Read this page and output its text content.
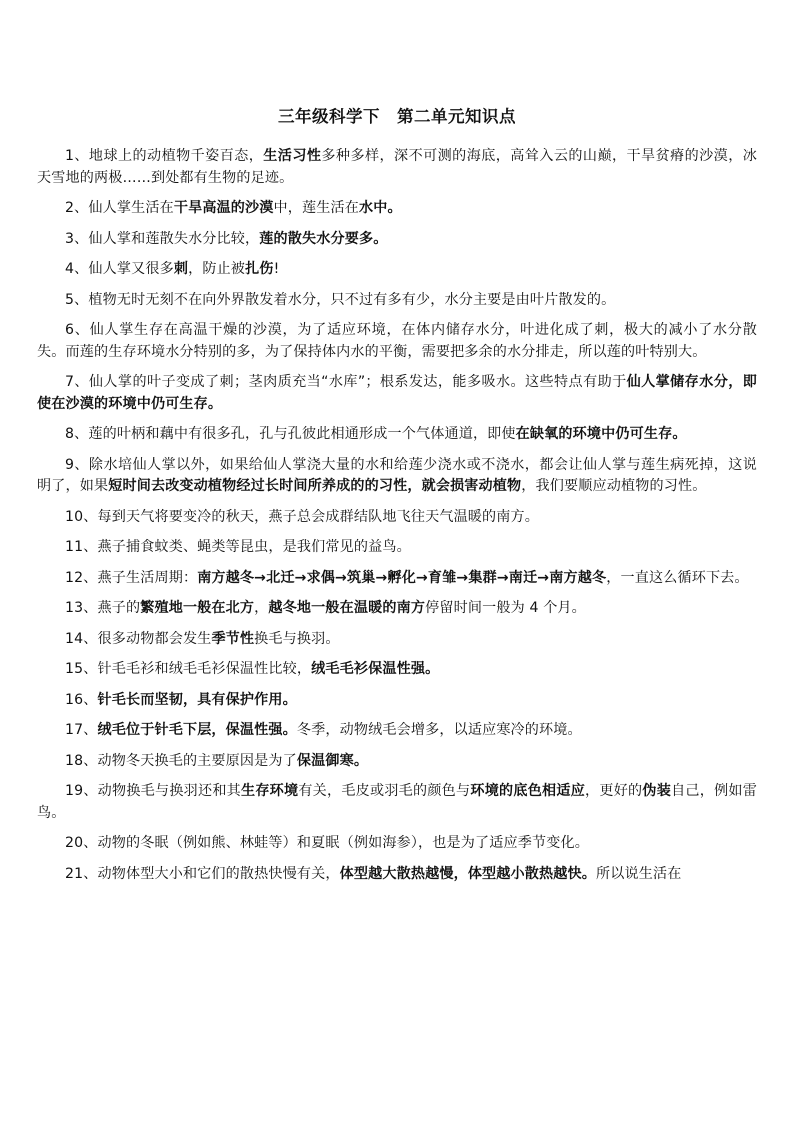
三年级科学下　第二单元知识点

1、地球上的动植物千姿百态，生活习性多种多样，深不可测的海底，高耸入云的山巅，干旱贫瘠的沙漠，冰天雪地的两极……到处都有生物的足迹。

2、仙人掌生活在干旱高温的沙漠中，莲生活在水中。

3、仙人掌和莲散失水分比较，莲的散失水分要多。

4、仙人掌又很多刺，防止被扎伤!

5、植物无时无刻不在向外界散发着水分，只不过有多有少，水分主要是由叶片散发的。

6、仙人掌生存在高温干燥的沙漠，为了适应环境，在体内储存水分，叶进化成了刺，极大的减小了水分散失。而莲的生存环境水分特别的多，为了保持体内水的平衡，需要把多余的水分排走，所以莲的叶特别大。

7、仙人掌的叶子变成了刺；茎肉质充当“水库”；根系发达，能多吸水。这些特点有助于仙人掌储存水分，即使在沙漠的环境中仍可生存。

8、莲的叶柄和藕中有很多孔，孔与孔彼此相通形成一个气体通道，即使在缺氧的环境中仍可生存。

9、除水培仙人掌以外，如果给仙人掌浇大量的水和给莲少浇水或不浇水，都会让仙人掌与莲生病死掉，这说明了，如果短时间去改变动植物经过长时间所养成的的习性，就会损害动植物，我们要顺应动植物的习性。

10、每到天气将要变冷的秋天，燕子总会成群结队地飞往天气温暖的南方。

11、燕子捕食蚊类、蝇类等昆虫，是我们常见的益鸟。

12、燕子生活周期：南方越冬→北迁→求偶→筑巢→孵化→育雏→集群→南迁→南方越冬，一直这么循环下去。

13、燕子的繁殖地一般在北方，越冬地一般在温暖的南方停留时间一般为 4 个月。

14、很多动物都会发生季节性换毛与换羽。

15、针毛毛衫和绒毛毛衫保温性比较，绒毛毛衫保温性强。

16、针毛长而坚韧，具有保护作用。

17、绒毛位于针毛下层，保温性强。冬季，动物绒毛会增多，以适应寒冷的环境。

18、动物冬天换毛的主要原因是为了保温御寒。

19、动物换毛与换羽还和其生存环境有关，毛皮或羽毛的颜色与环境的底色相适应，更好的伪装自己，例如雷鸟。

20、动物的冬眠（例如熊、林蛙等）和夏眠（例如海参），也是为了适应季节变化。

21、动物体型大小和它们的散热快慢有关，体型越大散热越慢，体型越小散热越快。所以说生活在
